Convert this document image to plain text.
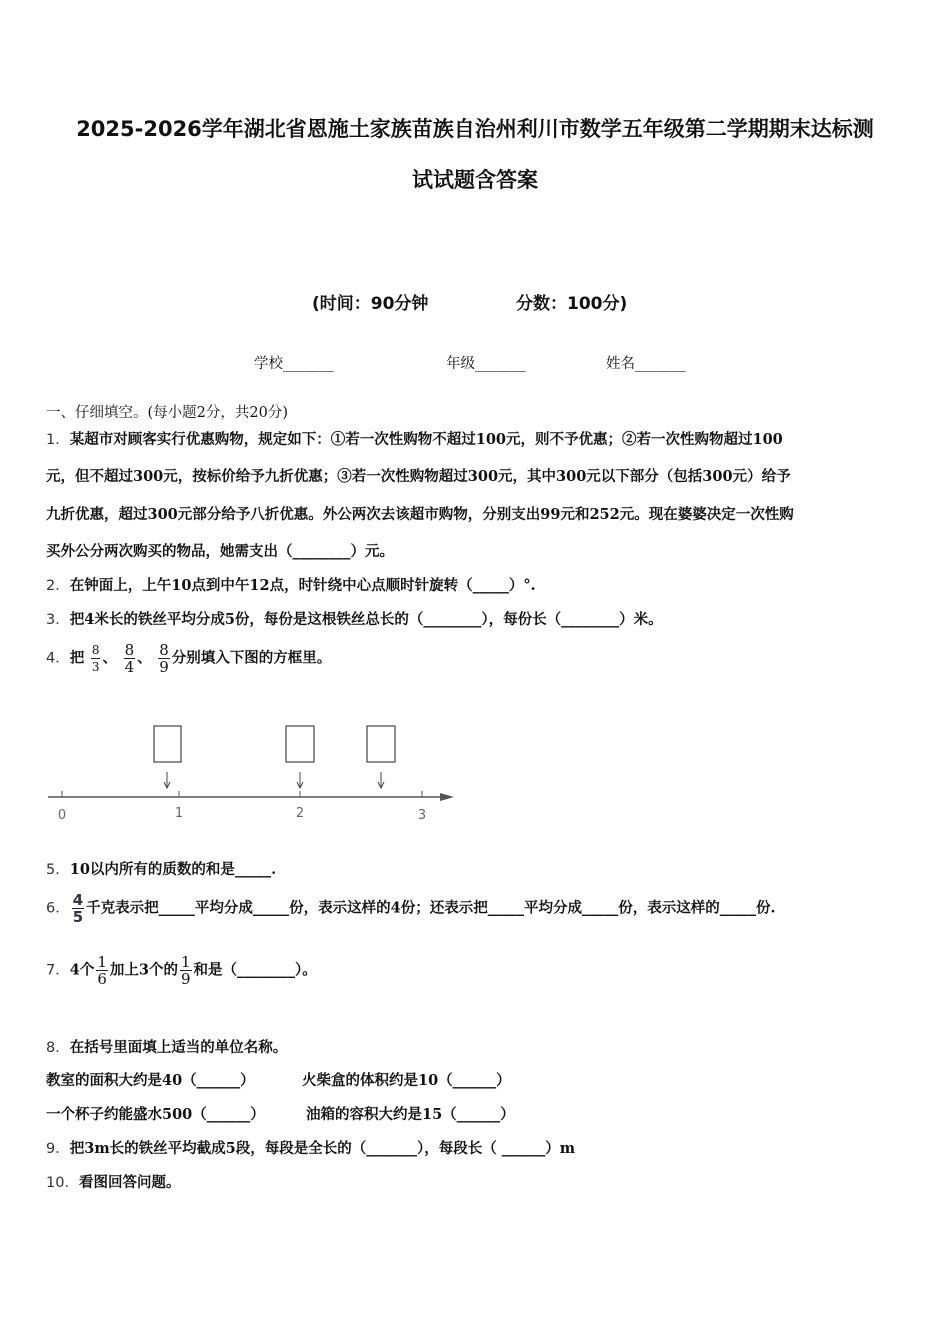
2025-2026学年湖北省恩施土家族苗族自治州利川市数学五年级第二学期期末达标测
试试题含答案
(时间：90分钟	分数：100分)
学校_______	年级_______	姓名_______
一、仔细填空。(每小题2分，共20分)
1．某超市对顾客实行优惠购物，规定如下：①若一次性购物不超过100元，则不予优惠；②若一次性购物超过100
元，但不超过300元，按标价给予九折优惠；③若一次性购物超过300元，其中300元以下部分（包括300元）给予
九折优惠，超过300元部分给予八折优惠。外公两次去该超市购物，分别支出99元和252元。现在婆婆决定一次性购
买外公分两次购买的物品，她需支出（________）元。
2．在钟面上，上午10点到中午12点，时针绕中心点顺时针旋转（_____）°.
3．把4米长的铁丝平均分成5份，每份是这根铁丝总长的（________），每份长（________）米。
4．把 $\frac{8}{3}$ 、 $\frac{8}{4}$ 、 $\frac{8}{9}$ 分别填入下图的方框里。
0	1	2	3
5．10以内所有的质数的和是_____.
6． $\frac{4}{5}$ 千克表示把_____平均分成_____份，表示这样的4份；还表示把_____平均分成_____份，表示这样的_____份.
7．4个 $\frac{1}{6}$ 加上3个的 $\frac{1}{9}$ 和是（________）。
8．在括号里面填上适当的单位名称。
教室的面积大约是40（______）	火柴盒的体积约是10（______）
一个杯子约能盛水500（______）	油箱的容积大约是15（______）
9．把3m长的铁丝平均截成5段，每段是全长的（_______），每段长（ ______）m
10．看图回答问题。
